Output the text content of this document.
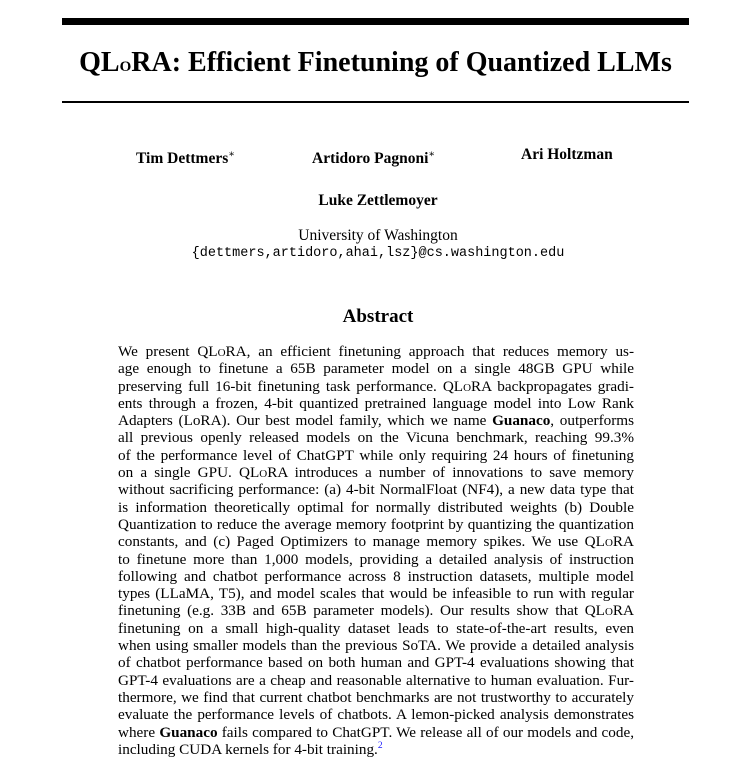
QLoRA: Efficient Finetuning of Quantized LLMs
Tim Dettmers∗	Artidoro Pagnoni∗	Ari Holtzman
Luke Zettlemoyer
University of Washington
{dettmers,artidoro,ahai,lsz}@cs.washington.edu
Abstract
We present QLoRA, an efficient finetuning approach that reduces memory us-
age enough to finetune a 65B parameter model on a single 48GB GPU while
preserving full 16-bit finetuning task performance. QLoRA backpropagates gradi-
ents through a frozen, 4-bit quantized pretrained language model into Low Rank
Adapters (LoRA). Our best model family, which we name Guanaco, outperforms
all previous openly released models on the Vicuna benchmark, reaching 99.3%
of the performance level of ChatGPT while only requiring 24 hours of finetuning
on a single GPU. QLoRA introduces a number of innovations to save memory
without sacrificing performance: (a) 4-bit NormalFloat (NF4), a new data type that
is information theoretically optimal for normally distributed weights (b) Double
Quantization to reduce the average memory footprint by quantizing the quantization
constants, and (c) Paged Optimizers to manage memory spikes. We use QLoRA
to finetune more than 1,000 models, providing a detailed analysis of instruction
following and chatbot performance across 8 instruction datasets, multiple model
types (LLaMA, T5), and model scales that would be infeasible to run with regular
finetuning (e.g. 33B and 65B parameter models). Our results show that QLoRA
finetuning on a small high-quality dataset leads to state-of-the-art results, even
when using smaller models than the previous SoTA. We provide a detailed analysis
of chatbot performance based on both human and GPT-4 evaluations showing that
GPT-4 evaluations are a cheap and reasonable alternative to human evaluation. Fur-
thermore, we find that current chatbot benchmarks are not trustworthy to accurately
evaluate the performance levels of chatbots. A lemon-picked analysis demonstrates
where Guanaco fails compared to ChatGPT. We release all of our models and code,
including CUDA kernels for 4-bit training.$^2$
